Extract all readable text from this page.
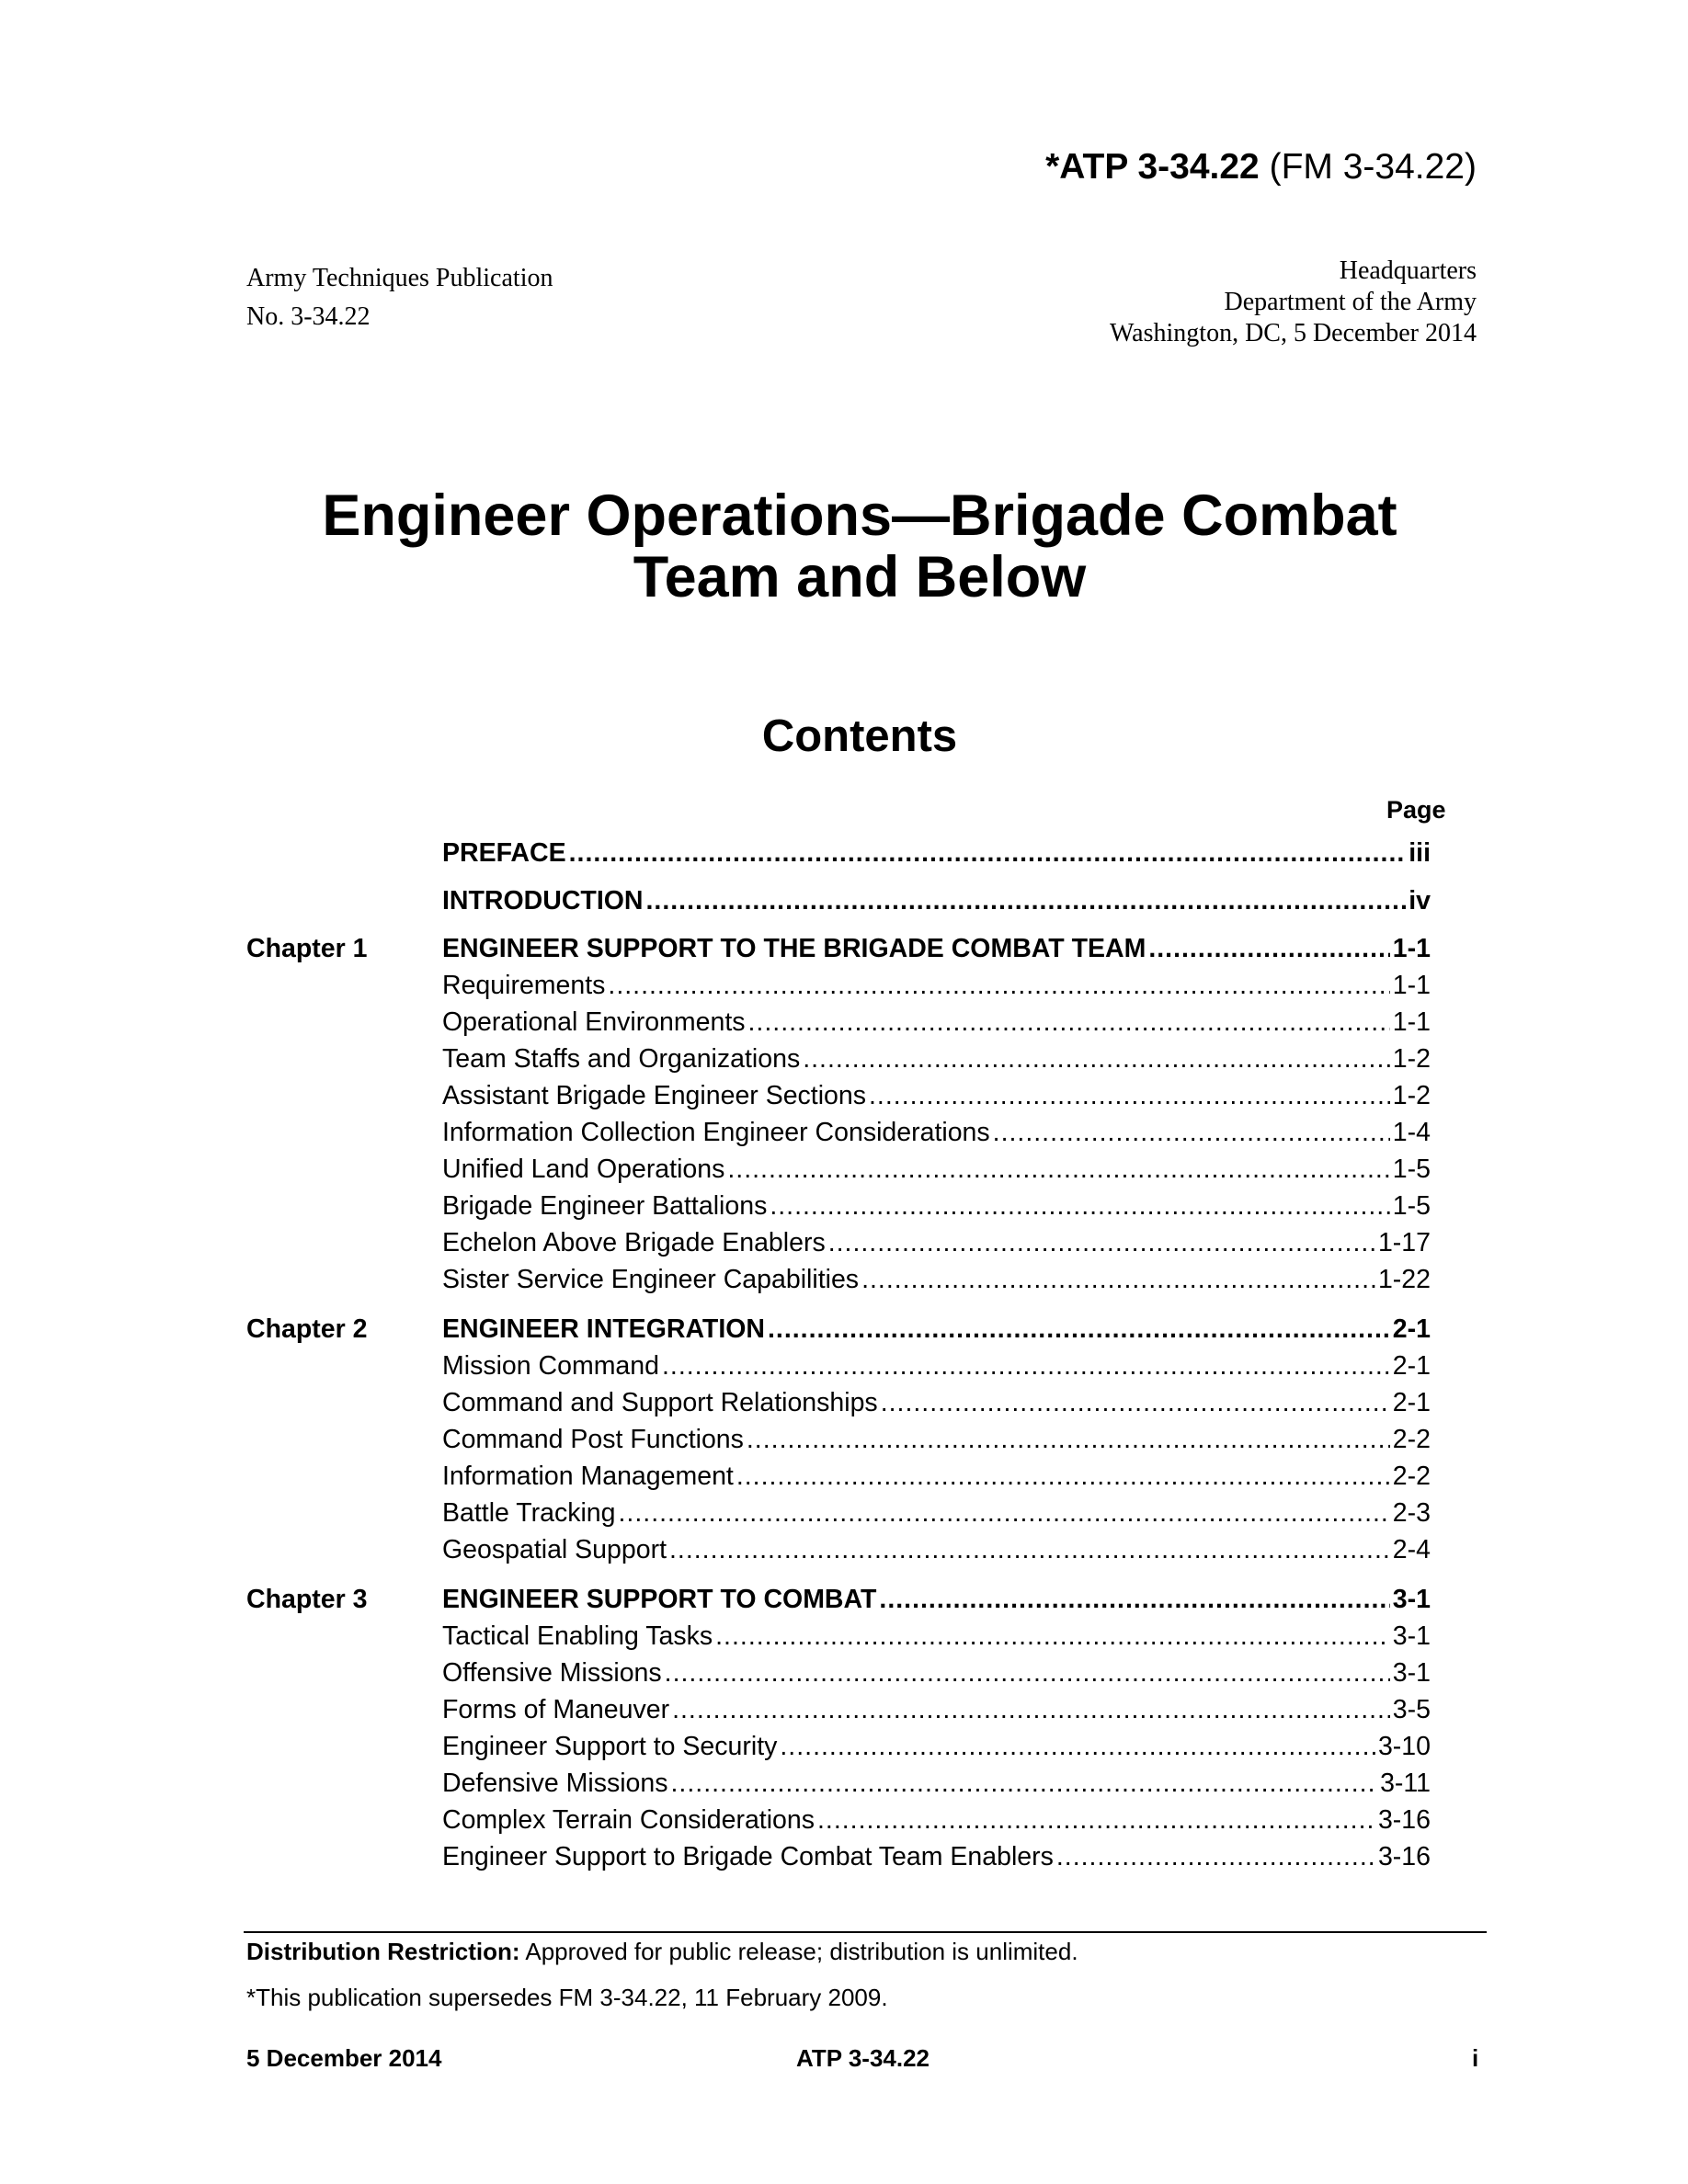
*ATP 3-34.22 (FM 3-34.22)
Army Techniques Publication
No. 3-34.22
Headquarters
Department of the Army
Washington, DC, 5 December 2014
Engineer Operations—Brigade Combat
Team and Below
Contents
Page
PREFACE .....	iii
INTRODUCTION .....	iv
Chapter 1	ENGINEER SUPPORT TO THE BRIGADE COMBAT TEAM .....	1-1
Requirements .....	1-1
Operational Environments .....	1-1
Team Staffs and Organizations .....	1-2
Assistant Brigade Engineer Sections .....	1-2
Information Collection Engineer Considerations .....	1-4
Unified Land Operations .....	1-5
Brigade Engineer Battalions .....	1-5
Echelon Above Brigade Enablers .....	1-17
Sister Service Engineer Capabilities .....	1-22
Chapter 2	ENGINEER INTEGRATION .....	2-1
Mission Command .....	2-1
Command and Support Relationships .....	2-1
Command Post Functions .....	2-2
Information Management .....	2-2
Battle Tracking .....	2-3
Geospatial Support .....	2-4
Chapter 3	ENGINEER SUPPORT TO COMBAT .....	3-1
Tactical Enabling Tasks .....	3-1
Offensive Missions .....	3-1
Forms of Maneuver .....	3-5
Engineer Support to Security .....	3-10
Defensive Missions .....	3-11
Complex Terrain Considerations .....	3-16
Engineer Support to Brigade Combat Team Enablers .....	3-16
Distribution Restriction: Approved for public release; distribution is unlimited.
*This publication supersedes FM 3-34.22, 11 February 2009.
5 December 2014	ATP 3-34.22	i
